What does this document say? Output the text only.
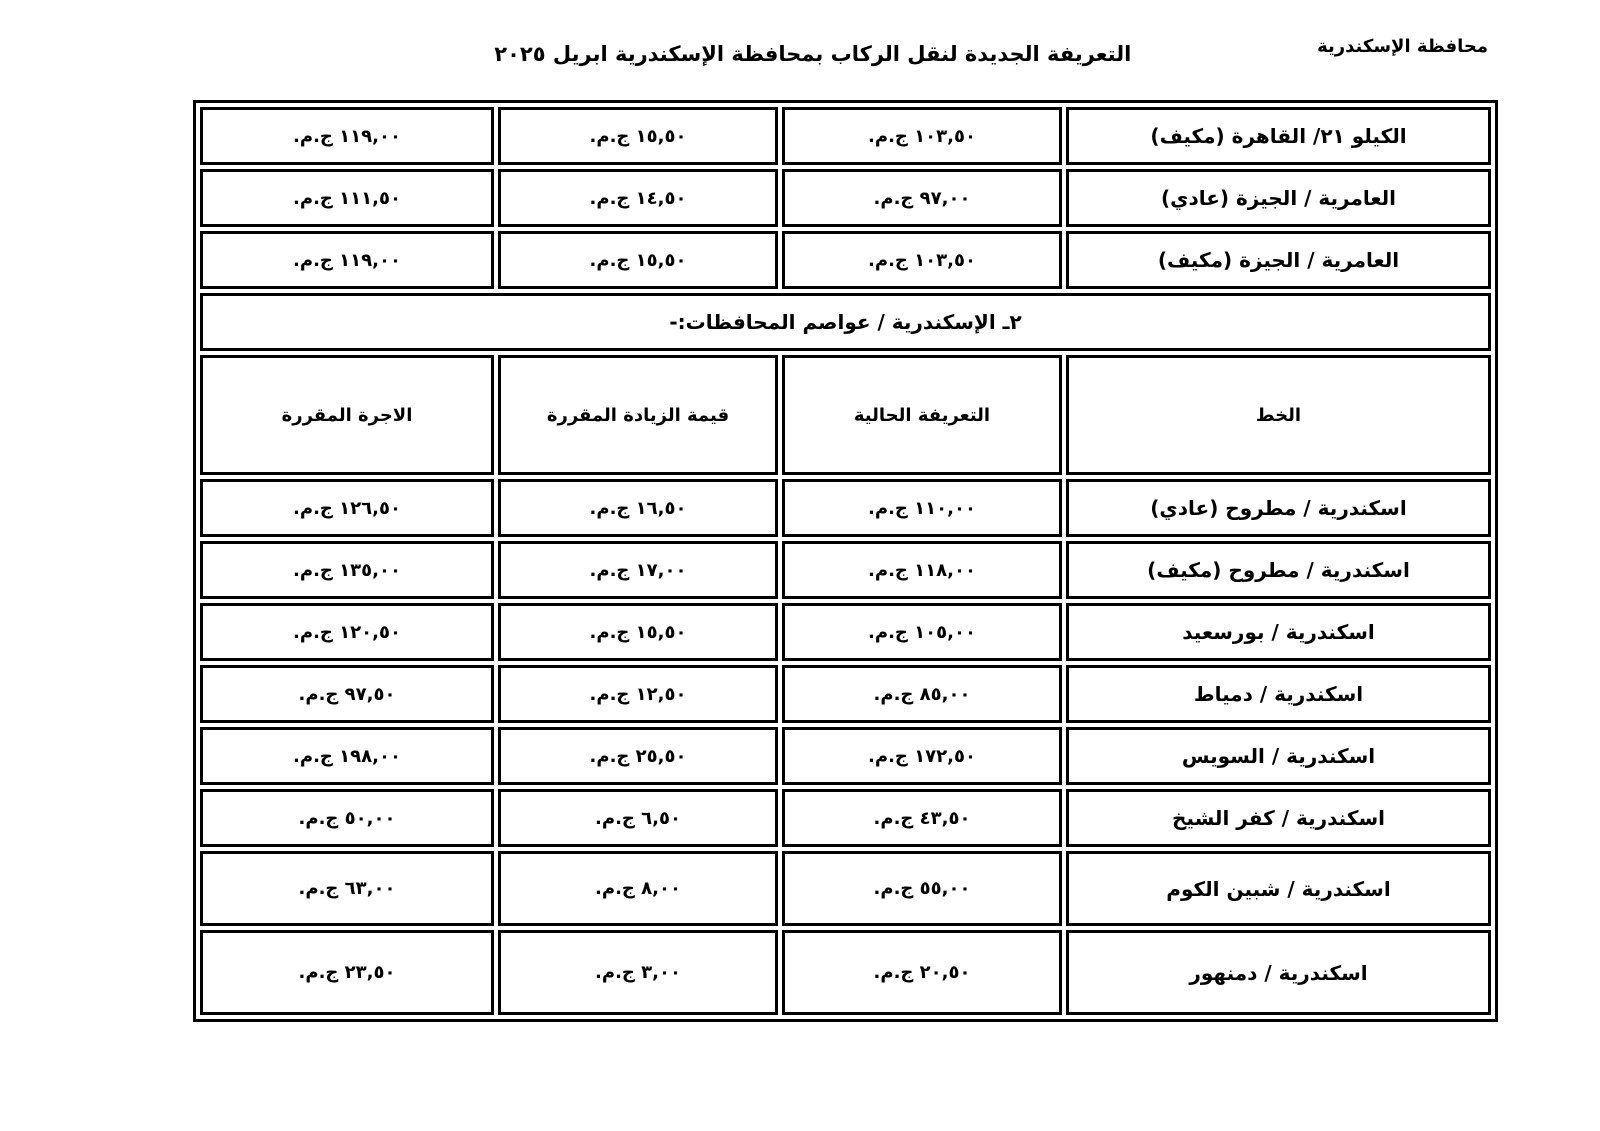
محافظة الإسكندرية
التعريفة الجديدة لنقل الركاب بمحافظة الإسكندرية ابريل ٢٠٢٥
الكيلو ٢١/ القاهرة (مكيف)	١٠٣,٥٠ ج.م.	١٥,٥٠ ج.م.	١١٩,٠٠ ج.م.
العامرية / الجيزة (عادي)	٩٧,٠٠ ج.م.	١٤,٥٠ ج.م.	١١١,٥٠ ج.م.
العامرية / الجيزة (مكيف)	١٠٣,٥٠ ج.م.	١٥,٥٠ ج.م.	١١٩,٠٠ ج.م.
٢ـ الإسكندرية / عواصم المحافظات:-			
الخط	التعريفة الحالية	قيمة الزيادة المقررة	الاجرة المقررة
اسكندرية / مطروح (عادي)	١١٠,٠٠ ج.م.	١٦,٥٠ ج.م.	١٢٦,٥٠ ج.م.
اسكندرية / مطروح (مكيف)	١١٨,٠٠ ج.م.	١٧,٠٠ ج.م.	١٣٥,٠٠ ج.م.
اسكندرية / بورسعيد	١٠٥,٠٠ ج.م.	١٥,٥٠ ج.م.	١٢٠,٥٠ ج.م.
اسكندرية / دمياط	٨٥,٠٠ ج.م.	١٢,٥٠ ج.م.	٩٧,٥٠ ج.م.
اسكندرية / السويس	١٧٢,٥٠ ج.م.	٢٥,٥٠ ج.م.	١٩٨,٠٠ ج.م.
اسكندرية / كفر الشيخ	٤٣,٥٠ ج.م.	٦,٥٠ ج.م.	٥٠,٠٠ ج.م.
اسكندرية / شبين الكوم	٥٥,٠٠ ج.م.	٨,٠٠ ج.م.	٦٣,٠٠ ج.م.
اسكندرية / دمنهور	٢٠,٥٠ ج.م.	٣,٠٠ ج.م.	٢٣,٥٠ ج.م.
